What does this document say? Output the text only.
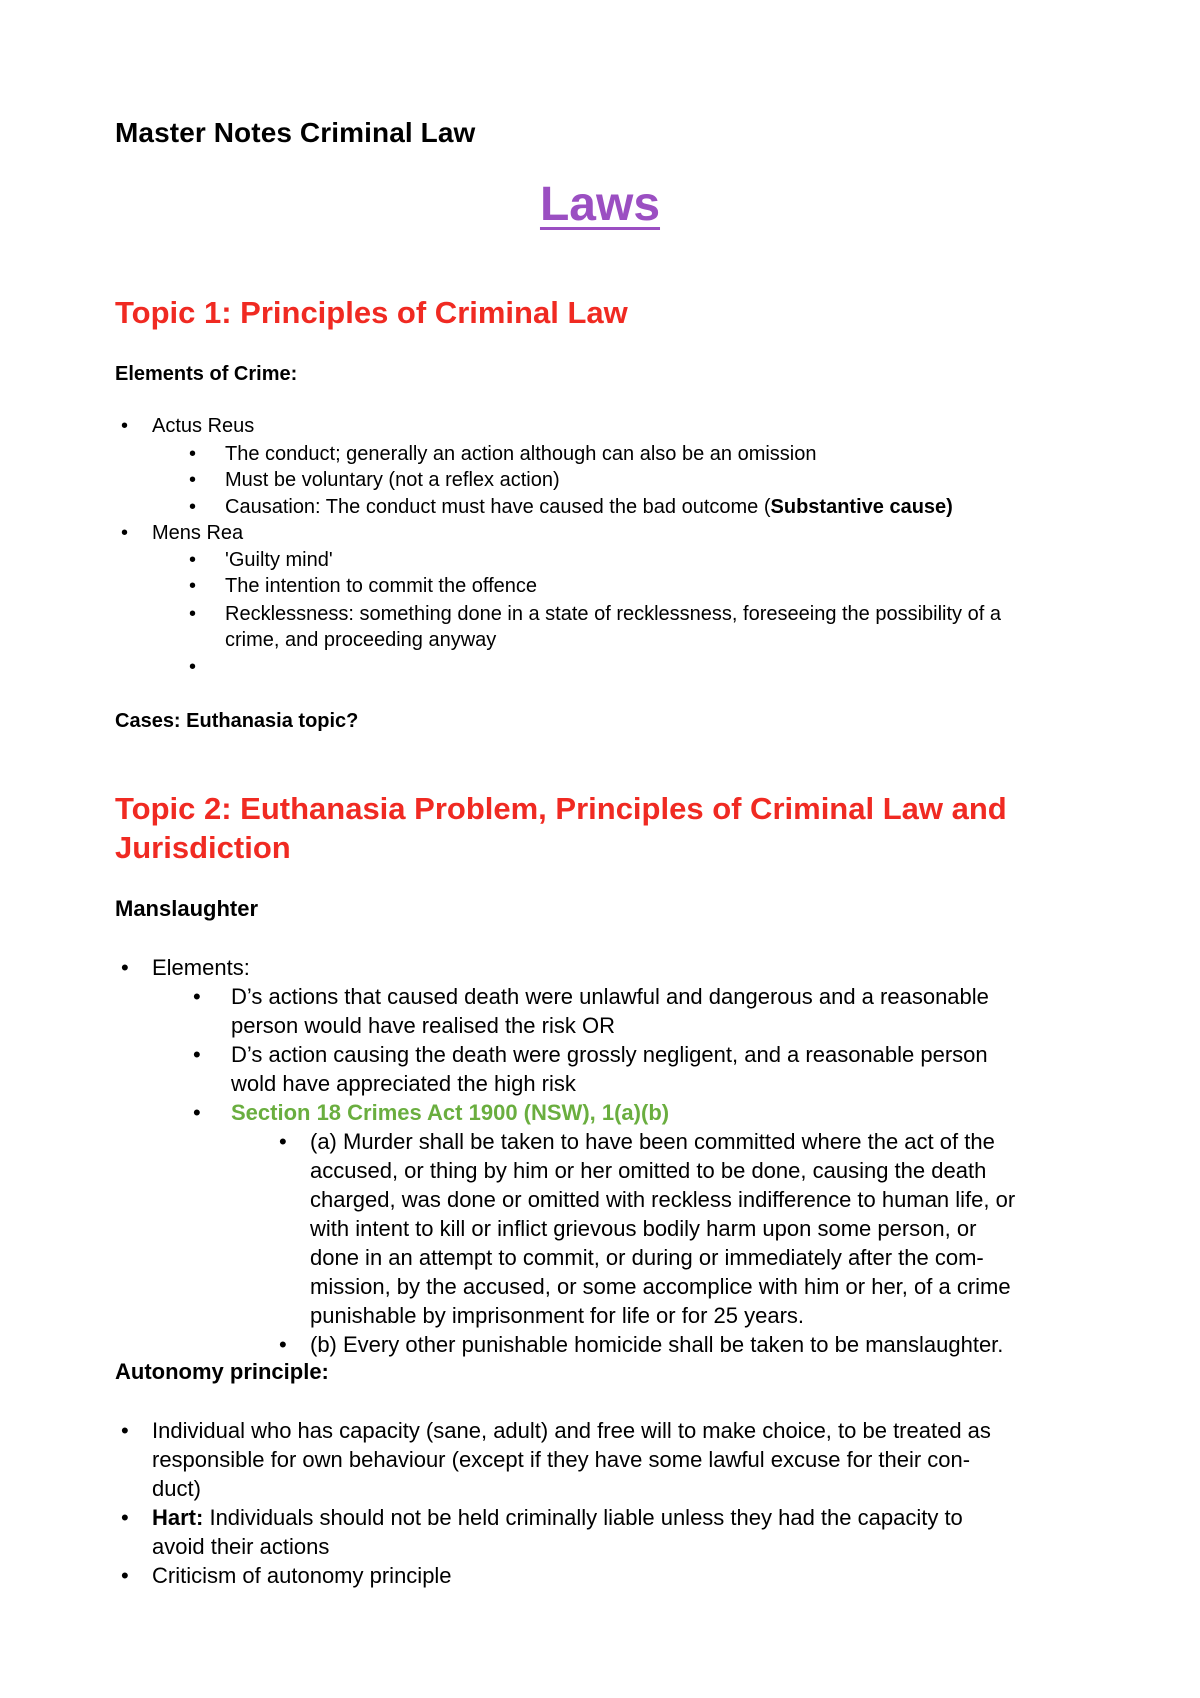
Master Notes Criminal Law
Laws
Topic 1: Principles of Criminal Law
Elements of Crime:
• Actus Reus
• The conduct; generally an action although can also be an omission
• Must be voluntary (not a reflex action)
• Causation: The conduct must have caused the bad outcome (Substantive cause)
• Mens Rea
• 'Guilty mind'
• The intention to commit the offence
• Recklessness: something done in a state of recklessness, foreseeing the possibility of a
crime, and proceeding anyway
•
Cases: Euthanasia topic?
Topic 2: Euthanasia Problem, Principles of Criminal Law and
Jurisdiction
Manslaughter
• Elements:
• D’s actions that caused death were unlawful and dangerous and a reasonable
person would have realised the risk OR
• D’s action causing the death were grossly negligent, and a reasonable person
wold have appreciated the high risk
• Section 18 Crimes Act 1900 (NSW), 1(a)(b)
• (a) Murder shall be taken to have been committed where the act of the
accused, or thing by him or her omitted to be done, causing the death
charged, was done or omitted with reckless indifference to human life, or
with intent to kill or inflict grievous bodily harm upon some person, or
done in an attempt to commit, or during or immediately after the com-
mission, by the accused, or some accomplice with him or her, of a crime
punishable by imprisonment for life or for 25 years.
• (b) Every other punishable homicide shall be taken to be manslaughter.
Autonomy principle:
• Individual who has capacity (sane, adult) and free will to make choice, to be treated as
responsible for own behaviour (except if they have some lawful excuse for their con-
duct)
• Hart: Individuals should not be held criminally liable unless they had the capacity to
avoid their actions
• Criticism of autonomy principle
